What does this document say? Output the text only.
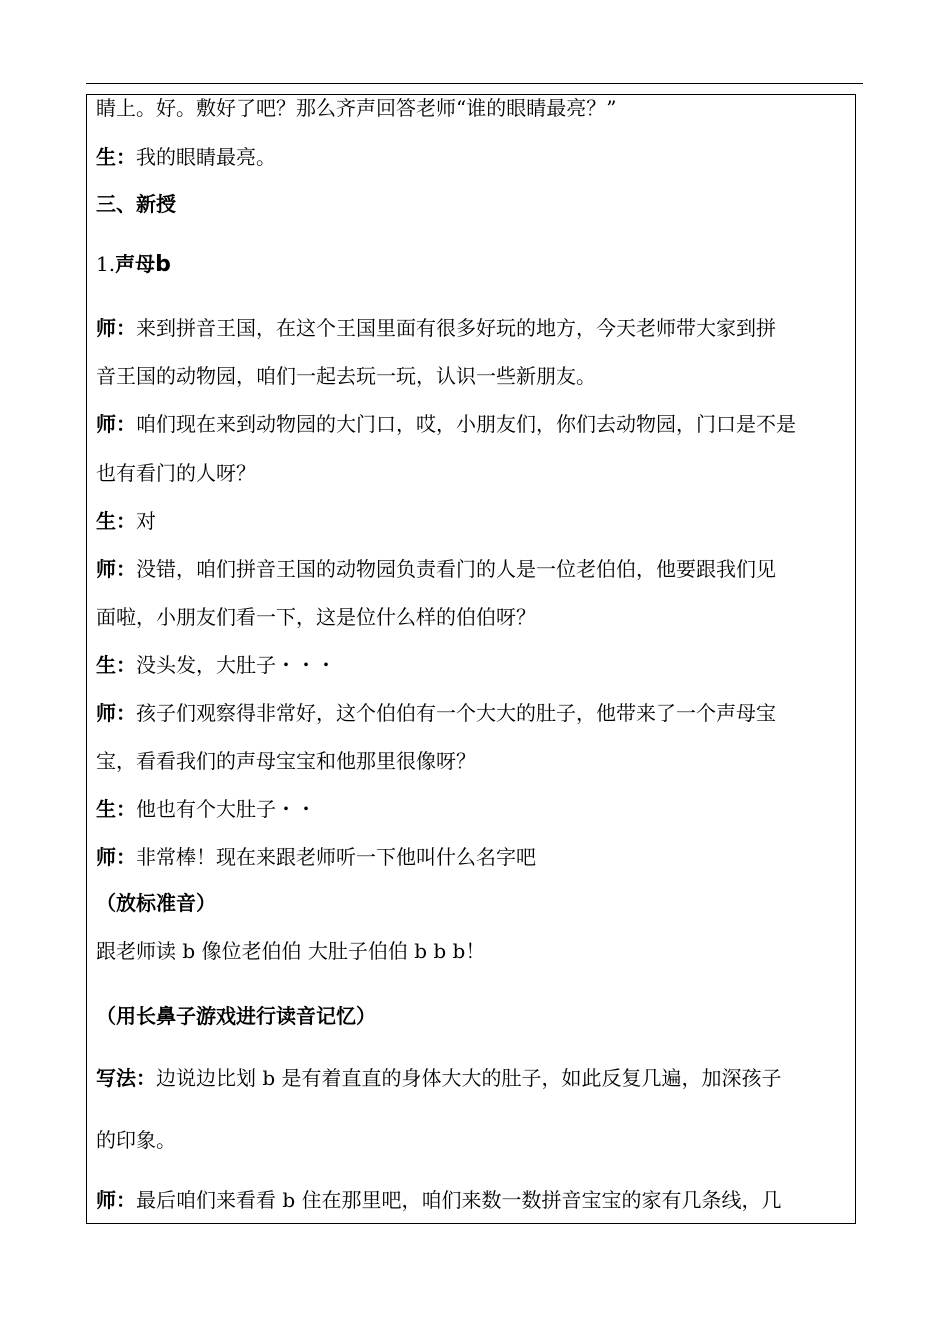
睛上。好。敷好了吧？那么齐声回答老师“谁的眼睛最亮？”
生：我的眼睛最亮。
三、新授
1.声母b
师：来到拼音王国，在这个王国里面有很多好玩的地方，今天老师带大家到拼
音王国的动物园，咱们一起去玩一玩，认识一些新朋友。
师：咱们现在来到动物园的大门口，哎，小朋友们，你们去动物园，门口是不是
也有看门的人呀？
生：对
师：没错，咱们拼音王国的动物园负责看门的人是一位老伯伯，他要跟我们见
面啦，小朋友们看一下，这是位什么样的伯伯呀？
生：没头发，大肚子・・・
师：孩子们观察得非常好，这个伯伯有一个大大的肚子，他带来了一个声母宝
宝，看看我们的声母宝宝和他那里很像呀？
生：他也有个大肚子・・
师：非常棒！现在来跟老师听一下他叫什么名字吧
（放标准音）
跟老师读 b 像位老伯伯 大肚子伯伯 b b b！
（用长鼻子游戏进行读音记忆）
写法：边说边比划 b 是有着直直的身体大大的肚子，如此反复几遍，加深孩子
的印象。
师：最后咱们来看看 b 住在那里吧，咱们来数一数拼音宝宝的家有几条线，几
